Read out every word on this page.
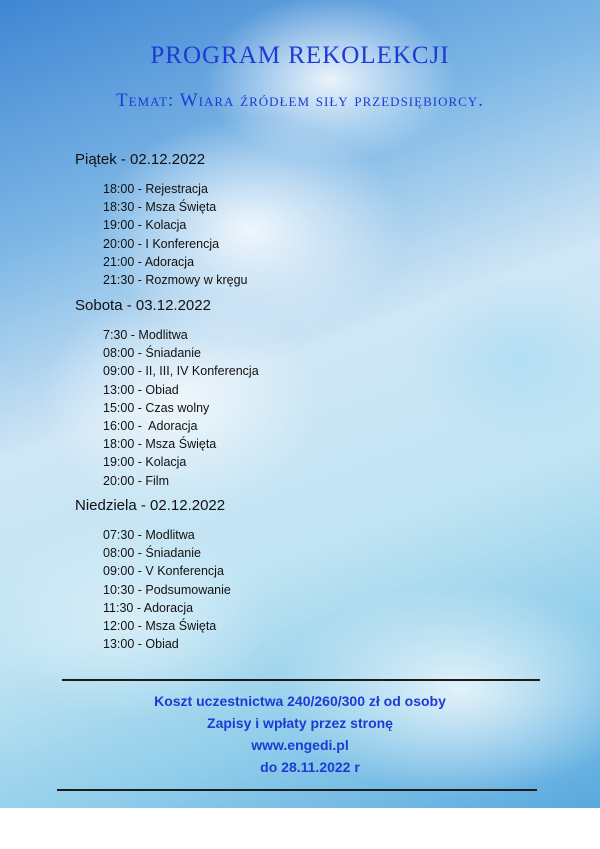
PROGRAM REKOLEKCJI
Temat: Wiara źródłem siły przedsiębiorcy.
Piątek - 02.12.2022
18:00 - Rejestracja
18:30 - Msza Święta
19:00 - Kolacja
20:00 - I Konferencja
21:00 - Adoracja
21:30 - Rozmowy w kręgu
Sobota - 03.12.2022
7:30 - Modlitwa
08:00 - Śniadanie
09:00 - II, III, IV Konferencja
13:00 - Obiad
15:00 - Czas wolny
16:00 -  Adoracja
18:00 - Msza Święta
19:00 - Kolacja
20:00 - Film
Niedziela - 02.12.2022
07:30 - Modlitwa
08:00 - Śniadanie
09:00 - V Konferencja
10:30 - Podsumowanie
11:30 - Adoracja
12:00 - Msza Święta
13:00 - Obiad
Koszt uczestnictwa 240/260/300 zł od osoby
Zapisy i wpłaty przez stronę
www.engedi.pl
do 28.11.2022 r
